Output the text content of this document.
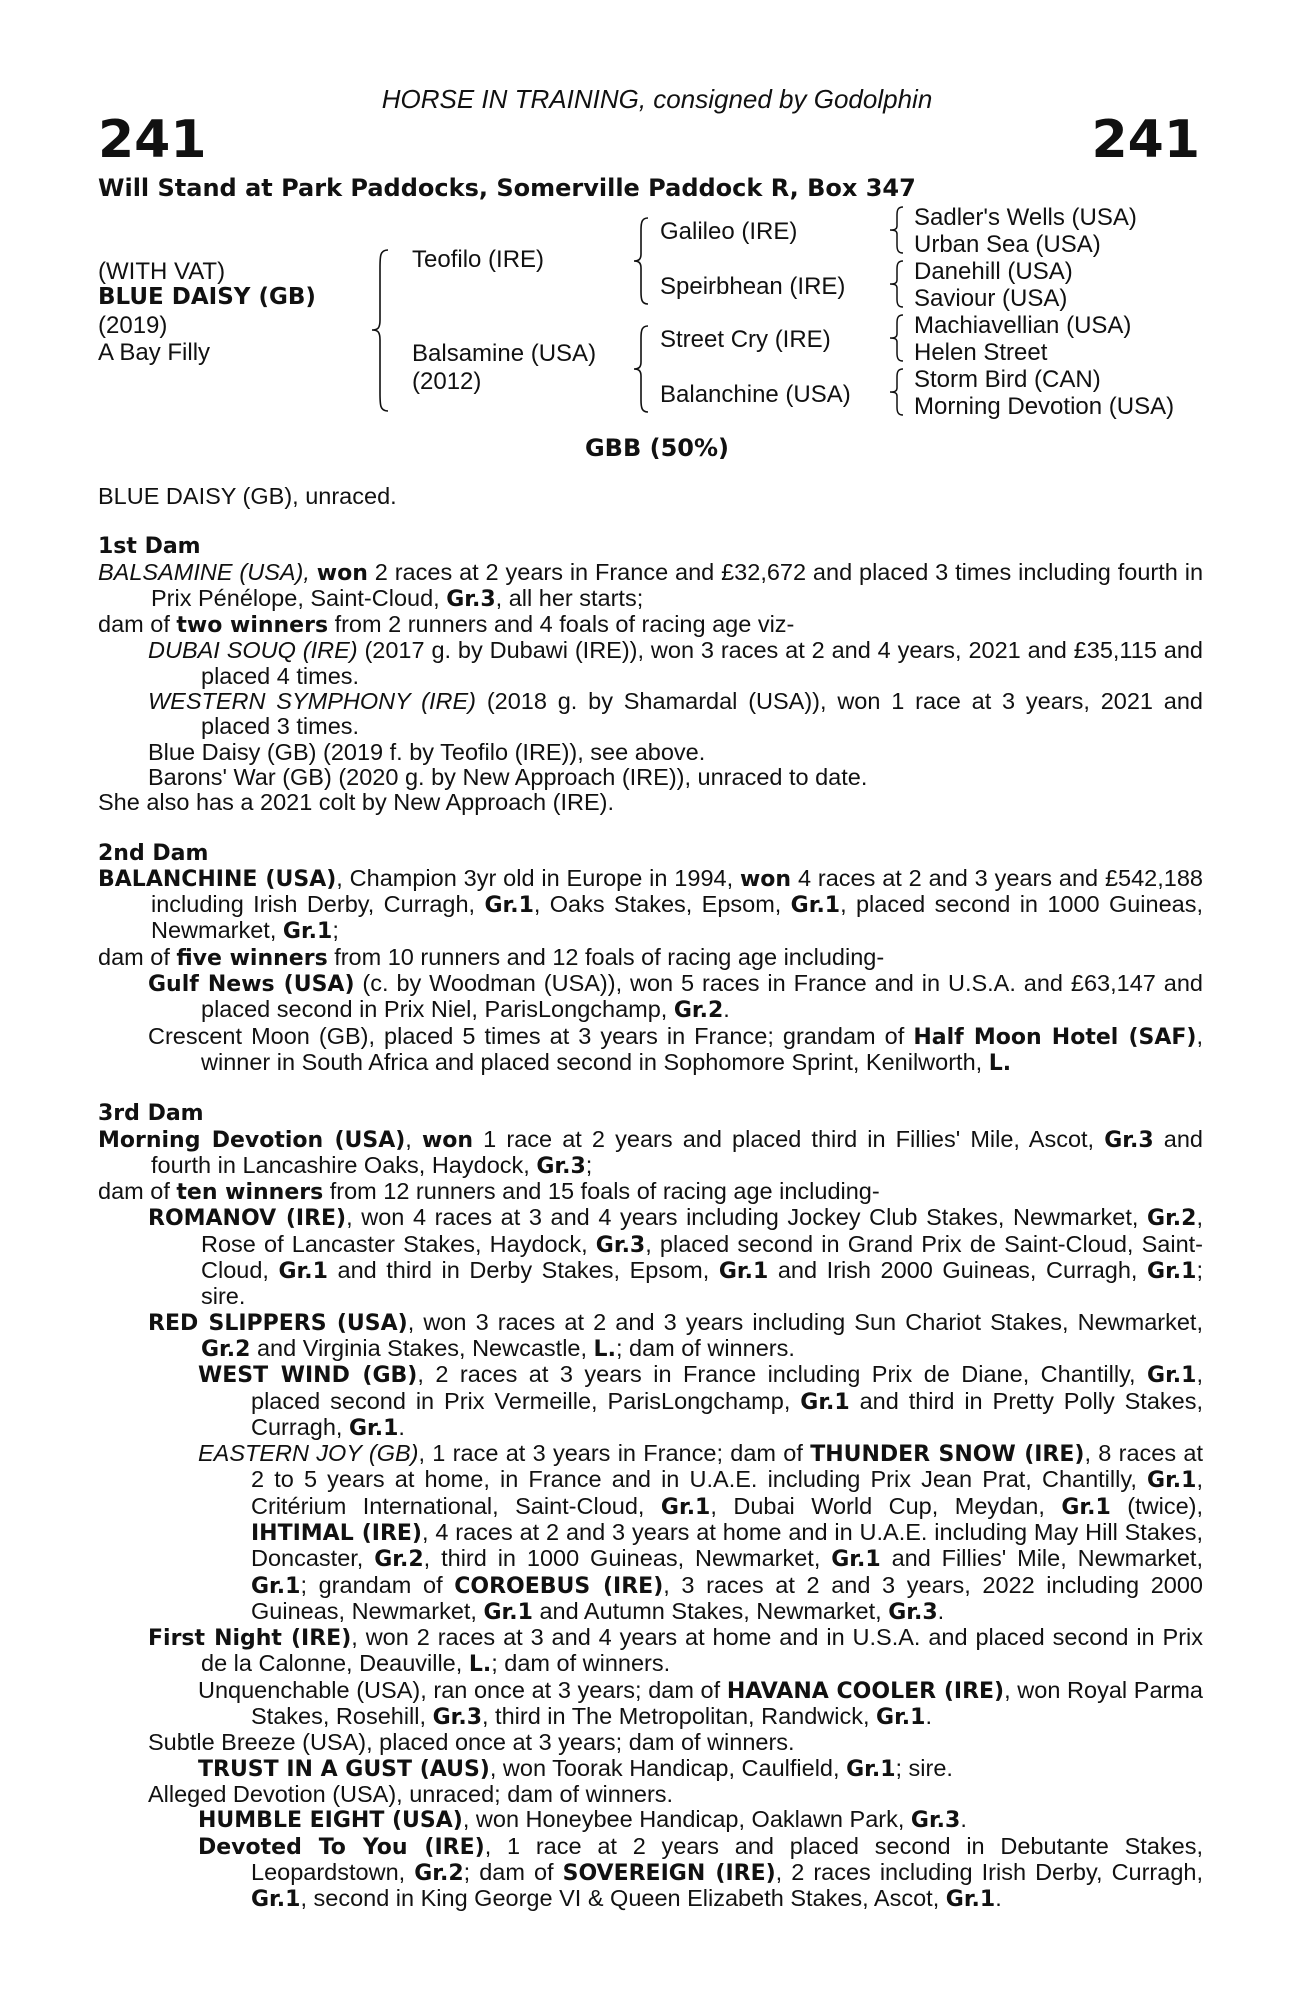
HORSE IN TRAINING, consigned by Godolphin
241	241
Will Stand at Park Paddocks, Somerville Paddock R, Box 347
(WITH VAT)
BLUE DAISY (GB)
(2019)
A Bay Filly
Teofilo (IRE)
Balsamine (USA)
(2012)
Galileo (IRE)
Speirbhean (IRE)
Street Cry (IRE)
Balanchine (USA)
Sadler's Wells (USA)
Urban Sea (USA)
Danehill (USA)
Saviour (USA)
Machiavellian (USA)
Helen Street
Storm Bird (CAN)
Morning Devotion (USA)
GBB (50%)

BLUE DAISY (GB), unraced.

1st Dam

BALSAMINE (USA), won 2 races at 2 years in France and £32,672 and placed 3 times including fourth in Prix Pénélope, Saint-Cloud, Gr.3, all her starts;

dam of two winners from 2 runners and 4 foals of racing age viz-

DUBAI SOUQ (IRE) (2017 g. by Dubawi (IRE)), won 3 races at 2 and 4 years, 2021 and £35,115 and placed 4 times.

WESTERN SYMPHONY (IRE) (2018 g. by Shamardal (USA)), won 1 race at 3 years, 2021 and placed 3 times.

Blue Daisy (GB) (2019 f. by Teofilo (IRE)), see above.

Barons' War (GB) (2020 g. by New Approach (IRE)), unraced to date.

She also has a 2021 colt by New Approach (IRE).

2nd Dam

BALANCHINE (USA), Champion 3yr old in Europe in 1994, won 4 races at 2 and 3 years and £542,188 including Irish Derby, Curragh, Gr.1, Oaks Stakes, Epsom, Gr.1, placed second in 1000 Guineas, Newmarket, Gr.1;

dam of five winners from 10 runners and 12 foals of racing age including-

Gulf News (USA) (c. by Woodman (USA)), won 5 races in France and in U.S.A. and £63,147 and placed second in Prix Niel, ParisLongchamp, Gr.2.

Crescent Moon (GB), placed 5 times at 3 years in France; grandam of Half Moon Hotel (SAF), winner in South Africa and placed second in Sophomore Sprint, Kenilworth, L.

3rd Dam

Morning Devotion (USA), won 1 race at 2 years and placed third in Fillies' Mile, Ascot, Gr.3 and fourth in Lancashire Oaks, Haydock, Gr.3;

dam of ten winners from 12 runners and 15 foals of racing age including-

ROMANOV (IRE), won 4 races at 3 and 4 years including Jockey Club Stakes, Newmarket, Gr.2, Rose of Lancaster Stakes, Haydock, Gr.3, placed second in Grand Prix de Saint-Cloud, Saint-Cloud, Gr.1 and third in Derby Stakes, Epsom, Gr.1 and Irish 2000 Guineas, Curragh, Gr.1; sire.

RED SLIPPERS (USA), won 3 races at 2 and 3 years including Sun Chariot Stakes, Newmarket, Gr.2 and Virginia Stakes, Newcastle, L.; dam of winners.

WEST WIND (GB), 2 races at 3 years in France including Prix de Diane, Chantilly, Gr.1, placed second in Prix Vermeille, ParisLongchamp, Gr.1 and third in Pretty Polly Stakes, Curragh, Gr.1.

EASTERN JOY (GB), 1 race at 3 years in France; dam of THUNDER SNOW (IRE), 8 races at 2 to 5 years at home, in France and in U.A.E. including Prix Jean Prat, Chantilly, Gr.1, Critérium International, Saint-Cloud, Gr.1, Dubai World Cup, Meydan, Gr.1 (twice), IHTIMAL (IRE), 4 races at 2 and 3 years at home and in U.A.E. including May Hill Stakes, Doncaster, Gr.2, third in 1000 Guineas, Newmarket, Gr.1 and Fillies' Mile, Newmarket, Gr.1; grandam of COROEBUS (IRE), 3 races at 2 and 3 years, 2022 including 2000 Guineas, Newmarket, Gr.1 and Autumn Stakes, Newmarket, Gr.3.

First Night (IRE), won 2 races at 3 and 4 years at home and in U.S.A. and placed second in Prix de la Calonne, Deauville, L.; dam of winners.

Unquenchable (USA), ran once at 3 years; dam of HAVANA COOLER (IRE), won Royal Parma Stakes, Rosehill, Gr.3, third in The Metropolitan, Randwick, Gr.1.

Subtle Breeze (USA), placed once at 3 years; dam of winners.

TRUST IN A GUST (AUS), won Toorak Handicap, Caulfield, Gr.1; sire.

Alleged Devotion (USA), unraced; dam of winners.

HUMBLE EIGHT (USA), won Honeybee Handicap, Oaklawn Park, Gr.3.

Devoted To You (IRE), 1 race at 2 years and placed second in Debutante Stakes, Leopardstown, Gr.2; dam of SOVEREIGN (IRE), 2 races including Irish Derby, Curragh, Gr.1, second in King George VI & Queen Elizabeth Stakes, Ascot, Gr.1.
